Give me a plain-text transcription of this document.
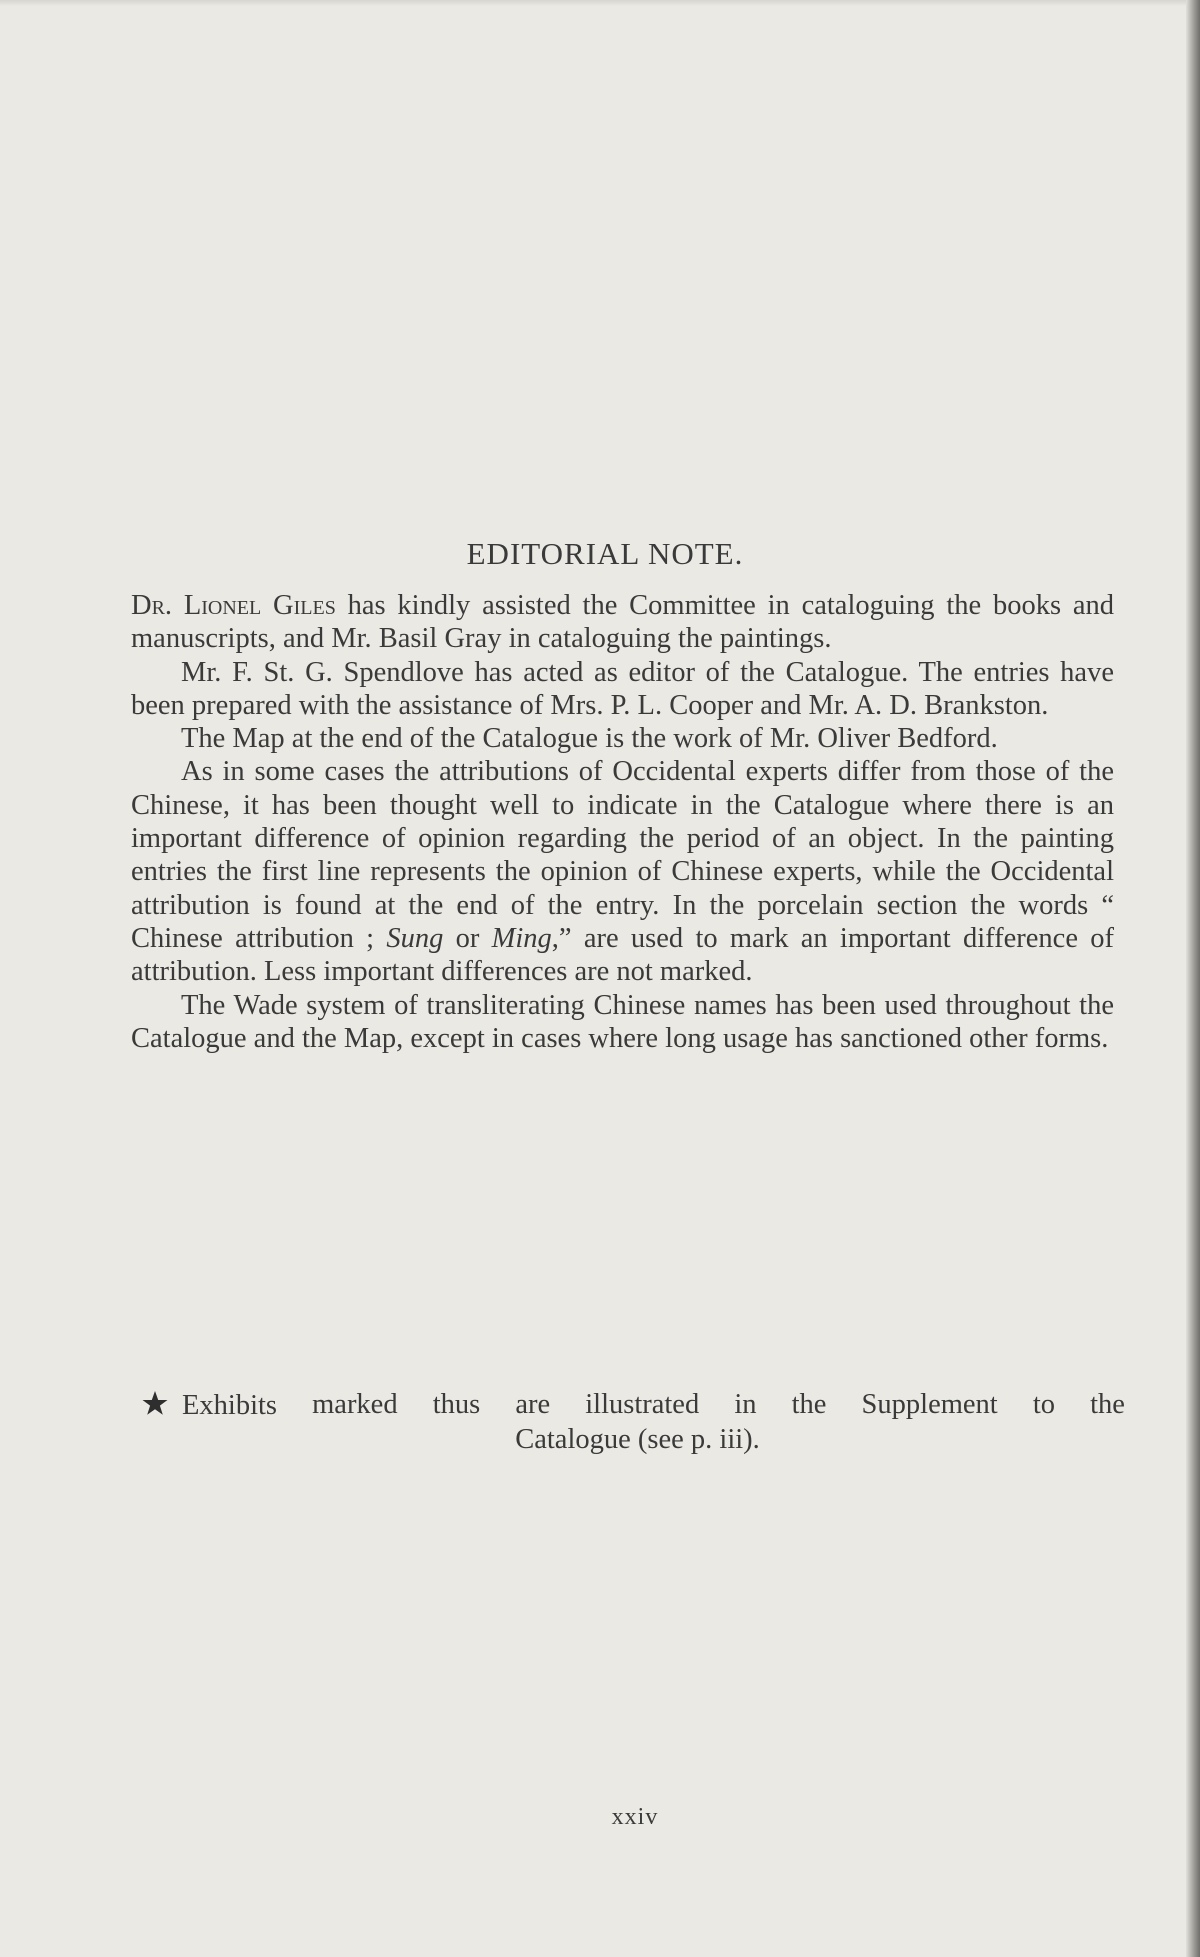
EDITORIAL NOTE.

Dr. Lionel Giles has kindly assisted the Committee in cataloguing the books and manuscripts, and Mr. Basil Gray in cataloguing the paintings.

Mr. F. St. G. Spendlove has acted as editor of the Catalogue. The entries have been prepared with the assistance of Mrs. P. L. Cooper and Mr. A. D. Brankston.

The Map at the end of the Catalogue is the work of Mr. Oliver Bedford.

As in some cases the attributions of Occidental experts differ from those of the Chinese, it has been thought well to indicate in the Catalogue where there is an important difference of opinion regarding the period of an object. In the painting entries the first line represents the opinion of Chinese experts, while the Occidental attribution is found at the end of the entry. In the porcelain section the words “ Chinese attribution ; Sung or Ming,” are used to mark an important difference of attribution. Less important differences are not marked.

The Wade system of transliterating Chinese names has been used throughout the Catalogue and the Map, except in cases where long usage has sanctioned other forms.

Exhibits marked thus are illustrated in the Supplement to the
Catalogue (see p. iii).
xxiv
